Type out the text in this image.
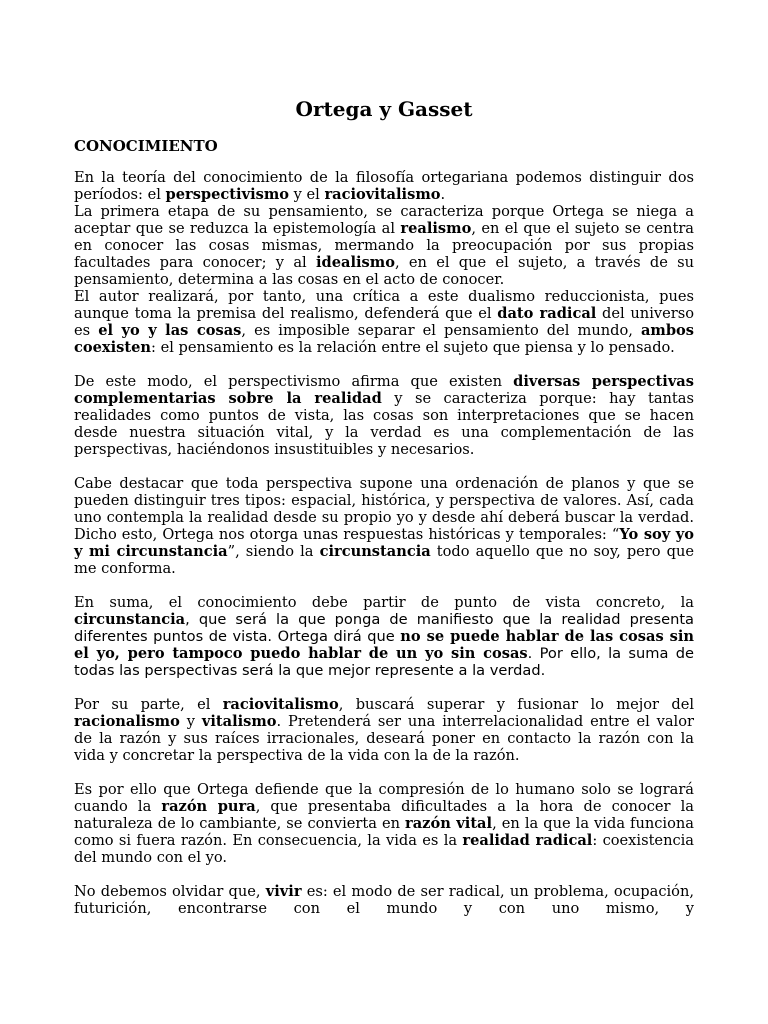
Ortega y Gasset
CONOCIMIENTO

En la teoría del conocimiento de la filosofía ortegariana podemos distinguir dos períodos: el perspectivismo y el raciovitalismo.

La primera etapa de su pensamiento, se caracteriza porque Ortega se niega a aceptar que se reduzca la epistemología al realismo, en el que el sujeto se centra en conocer las cosas mismas, mermando la preocupación por sus propias facultades para conocer; y al idealismo, en el que el sujeto, a través de su pensamiento, determina a las cosas en el acto de conocer.

El autor realizará, por tanto, una crítica a este dualismo reduccionista, pues aunque toma la premisa del realismo, defenderá que el dato radical del universo es el yo y las cosas, es imposible separar el pensamiento del mundo, ambos coexisten: el pensamiento es la relación entre el sujeto que piensa y lo pensado.

De este modo, el perspectivismo afirma que existen diversas perspectivas complementarias sobre la realidad y se caracteriza porque: hay tantas realidades como puntos de vista, las cosas son interpretaciones que se hacen desde nuestra situación vital, y la verdad es una complementación de las perspectivas, haciéndonos insustituibles y necesarios.

Cabe destacar que toda perspectiva supone una ordenación de planos y que se pueden distinguir tres tipos: espacial, histórica, y perspectiva de valores. Así, cada uno contempla la realidad desde su propio yo y desde ahí deberá buscar la verdad. Dicho esto, Ortega nos otorga unas respuestas históricas y temporales: “Yo soy yo y mi circunstancia”, siendo la circunstancia todo aquello que no soy, pero que me conforma.

En suma, el conocimiento debe partir de punto de vista concreto, la circunstancia, que será la que ponga de manifiesto que la realidad presenta diferentes puntos de vista. Ortega dirá que no se puede hablar de las cosas sin el yo, pero tampoco puedo hablar de un yo sin cosas. Por ello, la suma de todas las perspectivas será la que mejor represente a la verdad.

Por su parte, el raciovitalismo, buscará superar y fusionar lo mejor del racionalismo y vitalismo. Pretenderá ser una interrelacionalidad entre el valor de la razón y sus raíces irracionales, deseará poner en contacto la razón con la vida y concretar la perspectiva de la vida con la de la razón.

Es por ello que Ortega defiende que la compresión de lo humano solo se logrará cuando la razón pura, que presentaba dificultades a la hora de conocer la naturaleza de lo cambiante, se convierta en razón vital, en la que la vida funciona como si fuera razón. En consecuencia, la vida es la realidad radical: coexistencia del mundo con el yo.

No debemos olvidar que, vivir es: el modo de ser radical, un problema, ocupación, futurición, encontrarse con el mundo y con uno mismo, y
